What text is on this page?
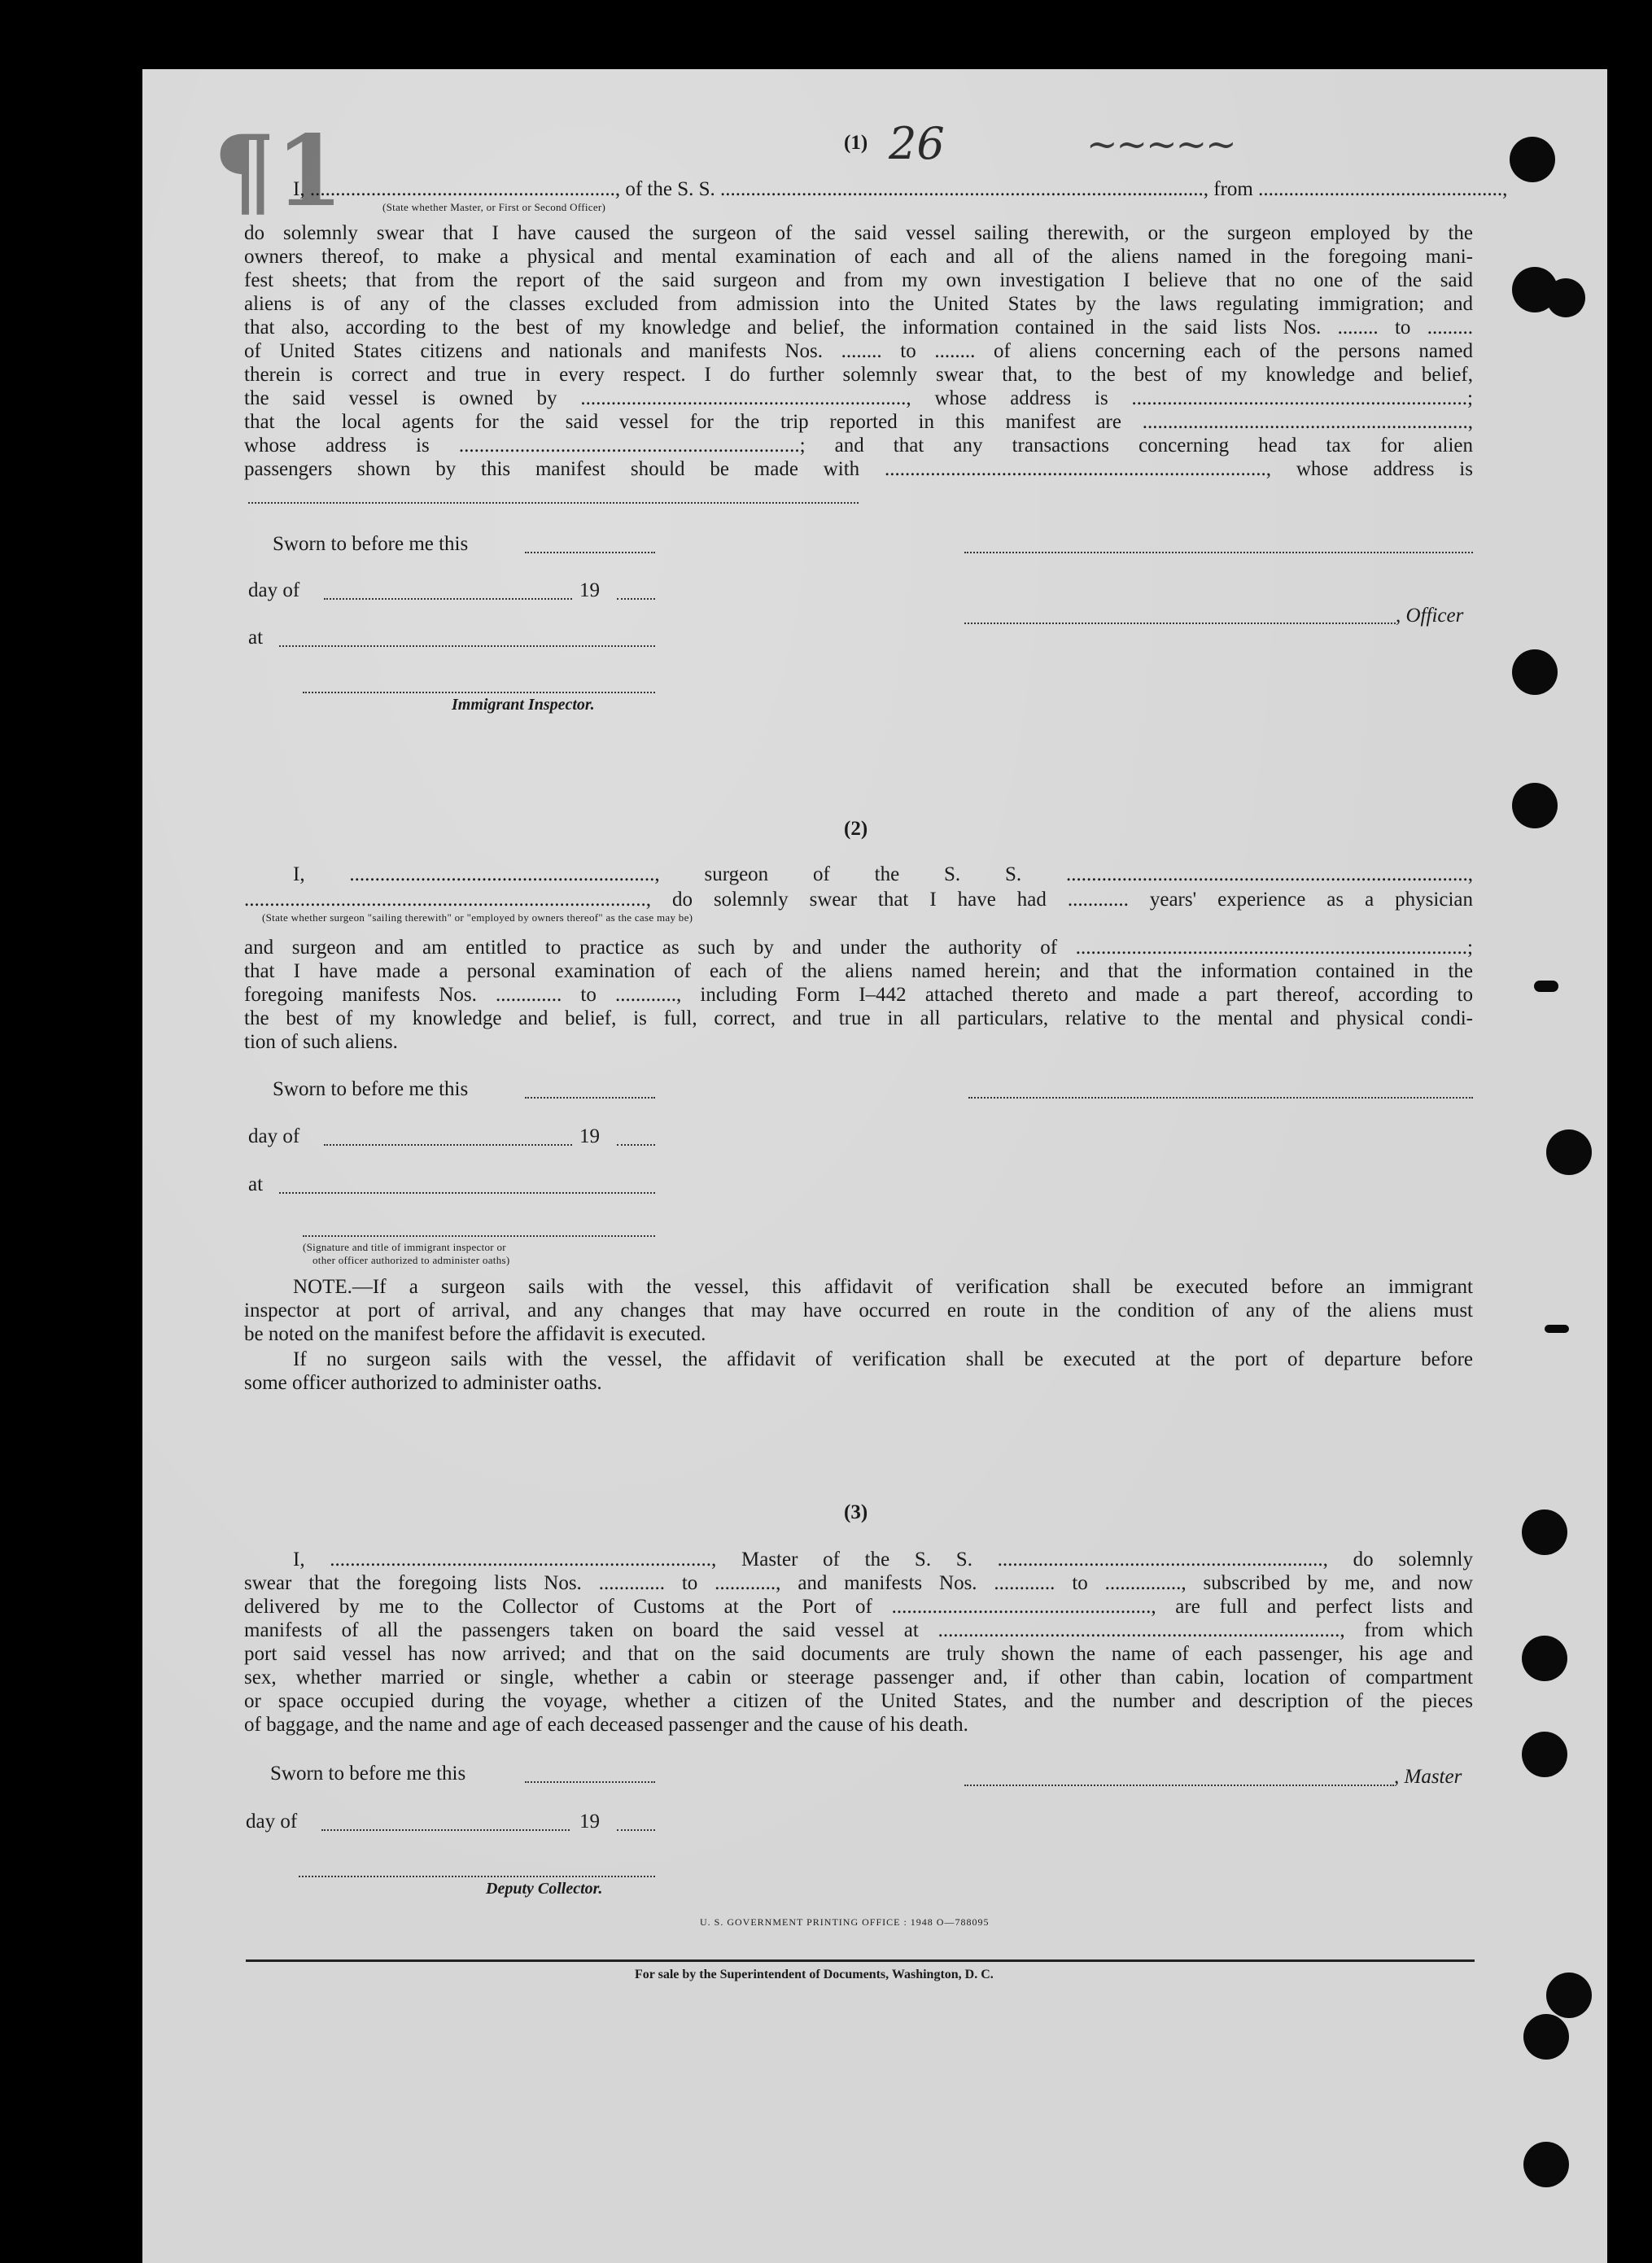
¶1	(1) 26	~~~~~
I, ............................................................, of the S. S. ..............................................................................................., from ................................................,
(State whether Master, or First or Second Officer)
do solemnly swear that I have caused the surgeon of the said vessel sailing therewith, or the surgeon employed by the
owners thereof, to make a physical and mental examination of each and all of the aliens named in the foregoing mani-
fest sheets; that from the report of the said surgeon and from my own investigation I believe that no one of the said
aliens is of any of the classes excluded from admission into the United States by the laws regulating immigration; and
that also, according to the best of my knowledge and belief, the information contained in the said lists Nos. ........ to .........
of United States citizens and nationals and manifests Nos. ........ to ........ of aliens concerning each of the persons named
therein is correct and true in every respect. I do further solemnly swear that, to the best of my knowledge and belief,
the said vessel is owned by ................................................................, whose address is ..................................................................;
that the local agents for the said vessel for the trip reported in this manifest are ................................................................,
whose address is ...................................................................; and that any transactions concerning head tax for alien
passengers shown by this manifest should be made with ..........................................................................., whose address is
Sworn to before me this
day of	19
at
Immigrant Inspector.
, Officer
(2)
I, ............................................................, surgeon of the S. S. ...............................................................................,
..............................................................................., do solemnly swear that I have had ............ years' experience as a physician
(State whether surgeon "sailing therewith" or "employed by owners thereof" as the case may be)
and surgeon and am entitled to practice as such by and under the authority of .............................................................................;
that I have made a personal examination of each of the aliens named herein; and that the information contained in the
foregoing manifests Nos. ............. to ............, including Form I–442 attached thereto and made a part thereof, according to
the best of my knowledge and belief, is full, correct, and true in all particulars, relative to the mental and physical condi-
tion of such aliens.
Sworn to before me this
day of	19
at
(Signature and title of immigrant inspector or
other officer authorized to administer oaths)
NOTE.—If a surgeon sails with the vessel, this affidavit of verification shall be executed before an immigrant
inspector at port of arrival, and any changes that may have occurred en route in the condition of any of the aliens must
be noted on the manifest before the affidavit is executed.
If no surgeon sails with the vessel, the affidavit of verification shall be executed at the port of departure before
some officer authorized to administer oaths.
(3)
I, ..........................................................................., Master of the S. S. ................................................................, do solemnly
swear that the foregoing lists Nos. ............. to ............, and manifests Nos. ............ to ..............., subscribed by me, and now
delivered by me to the Collector of Customs at the Port of ..................................................., are full and perfect lists and
manifests of all the passengers taken on board the said vessel at ..............................................................................., from which
port said vessel has now arrived; and that on the said documents are truly shown the name of each passenger, his age and
sex, whether married or single, whether a cabin or steerage passenger and, if other than cabin, location of compartment
or space occupied during the voyage, whether a citizen of the United States, and the number and description of the pieces
of baggage, and the name and age of each deceased passenger and the cause of his death.
Sworn to before me this
day of	19
Deputy Collector.
, Master
U. S. GOVERNMENT PRINTING OFFICE : 1948 O—788095
For sale by the Superintendent of Documents, Washington, D. C.
